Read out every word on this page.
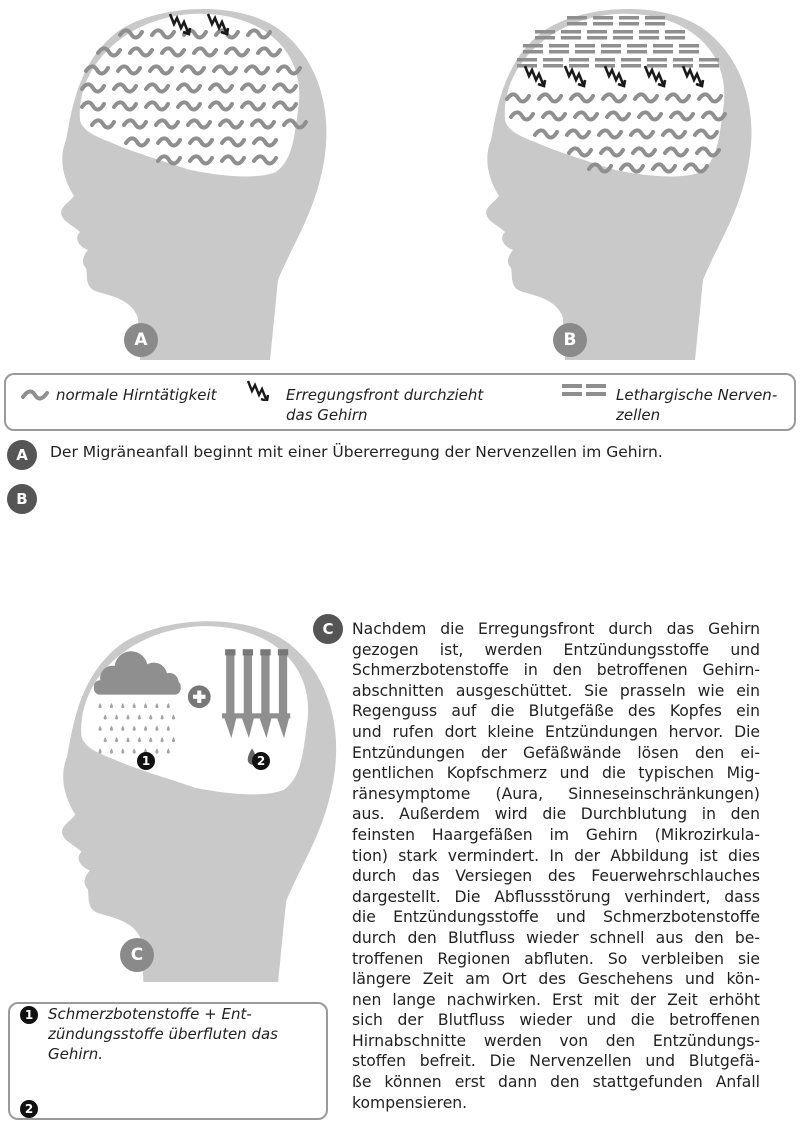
A	B
normale Hirntätigkeit	Erregungsfront durchzieht
das Gehirn
Lethargische Nerven-
zellen
A	Der Migräneanfall beginnt mit einer Übererregung der Nervenzellen im Gehirn.
B
1	2
C
C	Nachdem die Erregungsfront durch das Gehirn
gezogen ist, werden Entzündungsstoffe und
Schmerzbotenstoffe in den betroffenen Gehirn-
abschnitten ausgeschüttet. Sie prasseln wie ein
Regenguss auf die Blutgefäße des Kopfes ein
und rufen dort kleine Entzündungen hervor. Die
Entzündungen der Gefäßwände lösen den ei-
gentlichen Kopfschmerz und die typischen Mig-
ränesymptome (Aura, Sinneseinschränkungen)
aus. Außerdem wird die Durchblutung in den
feinsten Haargefäßen im Gehirn (Mikrozirkula-
tion) stark vermindert. In der Abbildung ist dies
durch das Versiegen des Feuerwehrschlauches
dargestellt. Die Abflussstörung verhindert, dass
die Entzündungsstoffe und Schmerzbotenstoffe
durch den Blutfluss wieder schnell aus den be-
troffenen Regionen abfluten. So verbleiben sie
längere Zeit am Ort des Geschehens und kön-
nen lange nachwirken. Erst mit der Zeit erhöht
sich der Blutfluss wieder und die betroffenen
Hirnabschnitte werden von den Entzündungs-
stoffen befreit. Die Nervenzellen und Blutgefä-
ße können erst dann den stattgefunden Anfall
kompensieren.
1 Schmerzbotenstoffe + Ent-
zündungsstoffe überfluten das
Gehirn.
2
